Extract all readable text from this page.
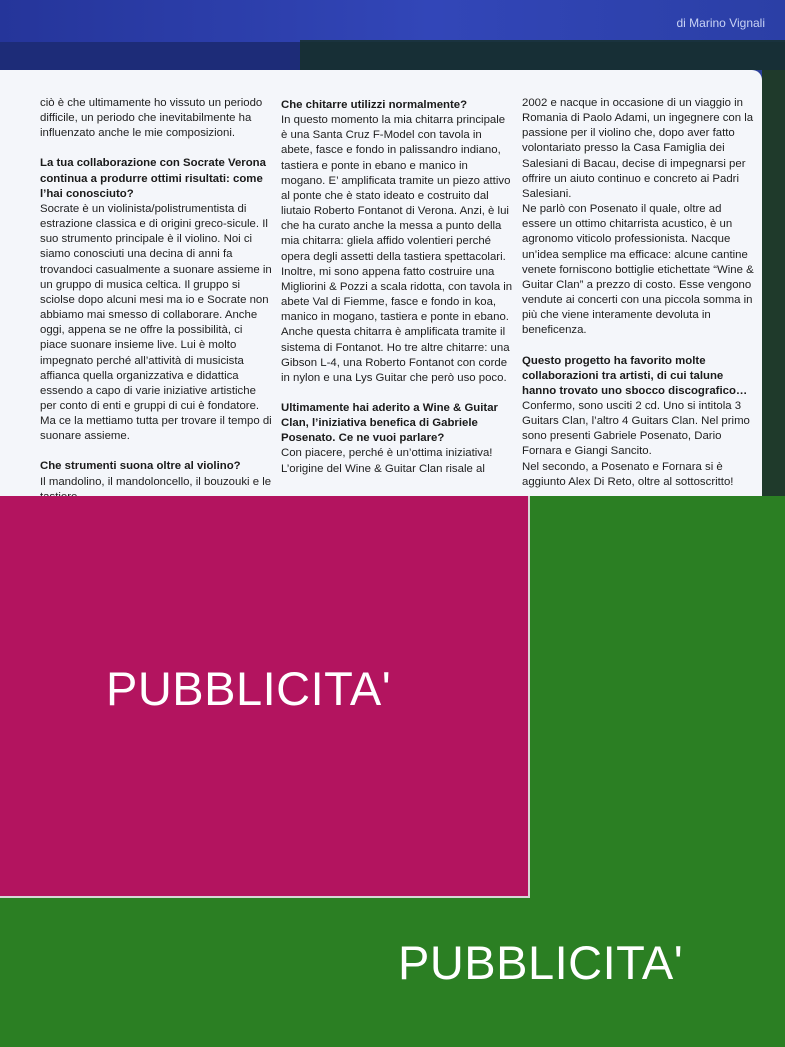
di Marino Vignali

ciò è che ultimamente ho vissuto un periodo difficile, un periodo che inevitabilmente ha influenzato anche le mie composizioni.

La tua collaborazione con Socrate Verona continua a produrre ottimi risultati: come l’hai conosciuto?

Socrate è un violinista/polistrumentista di estrazione classica e di origini greco-sicule. Il suo strumento principale è il violino. Noi ci siamo conosciuti una decina di anni fa trovandoci casualmente a suonare assieme in un gruppo di musica celtica. Il gruppo si sciolse dopo alcuni mesi ma io e Socrate non abbiamo mai smesso di collaborare. Anche oggi, appena se ne offre la possibilità, ci piace suonare insieme live. Lui è molto impegnato perché all’attività di musicista affianca quella organizzativa e didattica essendo a capo di varie iniziative artistiche per conto di enti e gruppi di cui è fondatore. Ma ce la mettiamo tutta per trovare il tempo di suonare assieme.

Che strumenti suona oltre al violino?

Il mandolino, il mandoloncello, il bouzouki e le

Che chitarre utilizzi normalmente?

In questo momento la mia chitarra principale è una Santa Cruz F-Model con tavola in abete, fasce e fondo in palissandro indiano, tastiera e ponte in ebano e manico in mogano. E’ amplificata tramite un piezo attivo al ponte che è stato ideato e costruito dal liutaio Roberto Fontanot di Verona. Anzi, è lui che ha curato anche la messa a punto della mia chitarra: gliela affido volentieri perché opera degli assetti della tastiera spettacolari. Inoltre, mi sono appena fatto costruire una Migliorini & Pozzi a scala ridotta, con tavola in abete Val di Fiemme, fasce e fondo in koa, manico in mogano, tastiera e ponte in ebano.

Anche questa chitarra è amplificata tramite il sistema di Fontanot. Ho tre altre chitarre: una Gibson L-4, una Roberto Fontanot con corde in nylon e una Lys Guitar che però uso poco.

Ultimamente hai aderito a Wine & Guitar Clan, l’iniziativa benefica di Gabriele Posenato. Ce ne vuoi parlare?

Con piacere, perché è un’ottima iniziativa! L’origine del Wine & Guitar Clan risale al

2002 e nacque in occasione di un viaggio in Romania di Paolo Adami, un ingegnere con la passione per il violino che, dopo aver fatto volontariato presso la Casa Famiglia dei Salesiani di Bacau, decise di impegnarsi per offrire un aiuto continuo e concreto ai Padri Salesiani.

Ne parlò con Posenato il quale, oltre ad essere un ottimo chitarrista acustico, è un agronomo viticolo professionista. Nacque un’idea semplice ma efficace: alcune cantine venete forniscono bottiglie etichettate “Wine & Guitar Clan” a prezzo di costo. Esse vengono vendute ai concerti con una piccola somma in più che viene interamente devoluta in beneficenza.

Questo progetto ha favorito molte collaborazioni tra artisti, di cui talune hanno trovato uno sbocco discografico…

Confermo, sono usciti 2 cd. Uno si intitola 3 Guitars Clan, l’altro 4 Guitars Clan. Nel primo sono presenti Gabriele Posenato, Dario Fornara e Giangi Sancito.

Nel secondo, a Posenato e Fornara si è aggiunto Alex Di Reto, oltre al sottoscritto!

PUBBLICITA'
PUBBLICITA'
